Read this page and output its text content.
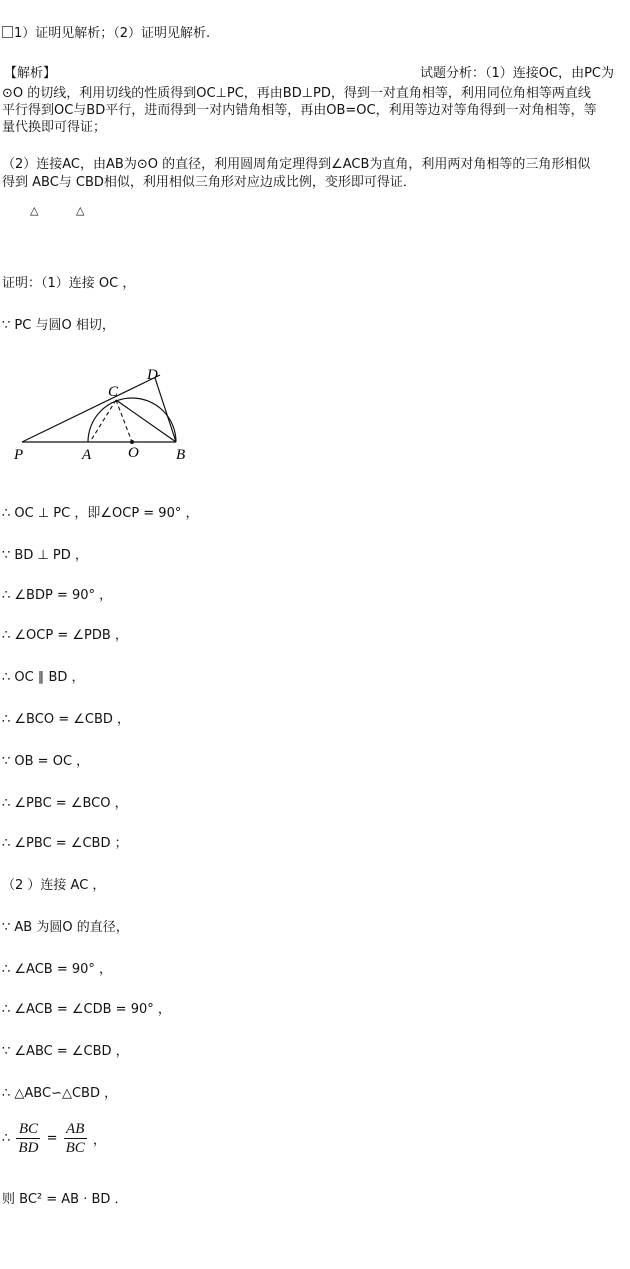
1）证明见解析；（2）证明见解析.
【解析】	试题分析：（1）连接OC，由PC为
⊙O 的切线，利用切线的性质得到OC⊥PC，再由BD⊥PD，得到一对直角相等，利用同位角相等两直线
平行得到OC与BD平行，进而得到一对内错角相等，再由OB=OC，利用等边对等角得到一对角相等，等
量代换即可得证；
（2）连接AC，由AB为⊙O 的直径，利用圆周角定理得到∠ACB为直角，利用两对角相等的三角形相似
得到 ABC与 CBD相似，利用相似三角形对应边成比例，变形即可得证．
△	△
证明：（1）连接 OC ，
∵ PC 与圆O 相切，
P	A O B
C
D
∴ OC ⊥ PC ，即∠OCP = 90° ，
∵ BD ⊥ PD ，
∴ ∠BDP = 90° ，
∴ ∠OCP = ∠PDB ，
∴ OC ∥ BD ，
∴ ∠BCO = ∠CBD ，
∵ OB = OC ，
∴ ∠PBC = ∠BCO ，
∴ ∠PBC = ∠CBD ；
（2 ）连接 AC ，
∵ AB 为圆O 的直径，
∴ ∠ACB = 90° ，
∴ ∠ACB = ∠CDB = 90° ，
∵ ∠ABC = ∠CBD ，
∴ △ABC∽△CBD ，
∴ $\frac{BC}{BD} = \frac{AB}{BC}$ ，
则 BC² = AB · BD ．
